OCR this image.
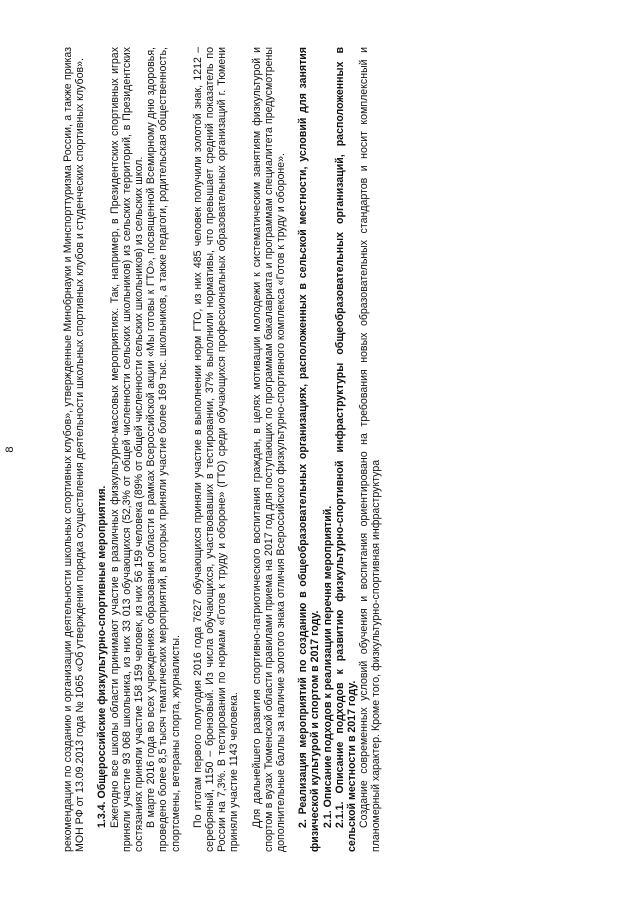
8	рекомендации по созданию и организации деятельности школьных спортивных клубов», утвержденные Минобрнауки и Минспорттуризма России, а также приказ МОН РФ от 13.09.2013 года № 1065 «Об утверждении порядка осуществления деятельности школьных спортивных клубов и студенческих спортивных клубов». 1.3.4. Общероссийские физкультурно-спортивные мероприятия. Ежегодно все школы области принимают участие в различных физкультурно-массовых мероприятиях. Так, например, в Президентских спортивных играх приняли участие 93 068 школьника, из них 33 013 обучающихся (52,3% от общей численности сельских школьников) из сельских территорий, в Президентских состязаниях приняли участие 158 159 человек, из них 56 159 человека (89% от общей численности сельских школьников) из сельских школ. В марте 2016 года во всех учреждениях образования области в рамках Всероссийской акции «Мы готовы к ГТО», посвященной Всемирному дню здоровья, проведено более 8,5 тысяч тематических мероприятий, в которых приняли участие более 169 тыс. школьников, а также педагоги, родительская общественность, спортсмены, ветераны спорта, журналисты. По итогам первого полугодия 2016 года 7627 обучающихся приняли участие в выполнении норм ГТО, из них 485 человек получили золотой знак, 1212 – серебряный, 1150 – бронзовый. Из числа обучающихся, участвовавших в тестировании, 37% выполнили нормативы, что превышает средний показатель по России на 7,3%. В тестировании по нормам «Готов к труду и обороне» (ГТО) среди обучающихся профессиональных образовательных организаций г. Тюмени приняли участие 1143 человека. Для дальнейшего развития спортивно-патриотического воспитания граждан, в целях мотивации молодежи к систематическим занятиям физкультурой и спортом в вузах Тюменской области правилами приема на 2017 год для поступающих по программам бакалавриата и программам специалитета предусмотрены дополнительные баллы за наличие золотого знака отличия Всероссийского физкультурно-спортивного комплекса «Готов к труду и обороне». 2. Реализация мероприятий по созданию в общеобразовательных организациях, расположенных в сельской местности, условий для занятия физической культурой и спортом в 2017 году. 2.1. Описание подходов к реализации перечня мероприятий. 2.1.1. Описание подходов к развитию физкультурно-спортивной инфраструктуры общеобразовательных организаций, расположенных в сельской местности в 2017 году. Создание современных условий обучения и воспитания ориентировано на требования новых образовательных стандартов и носит комплексный и планомерный характер. Кроме того, физкультурно-спортивная инфраструктура
